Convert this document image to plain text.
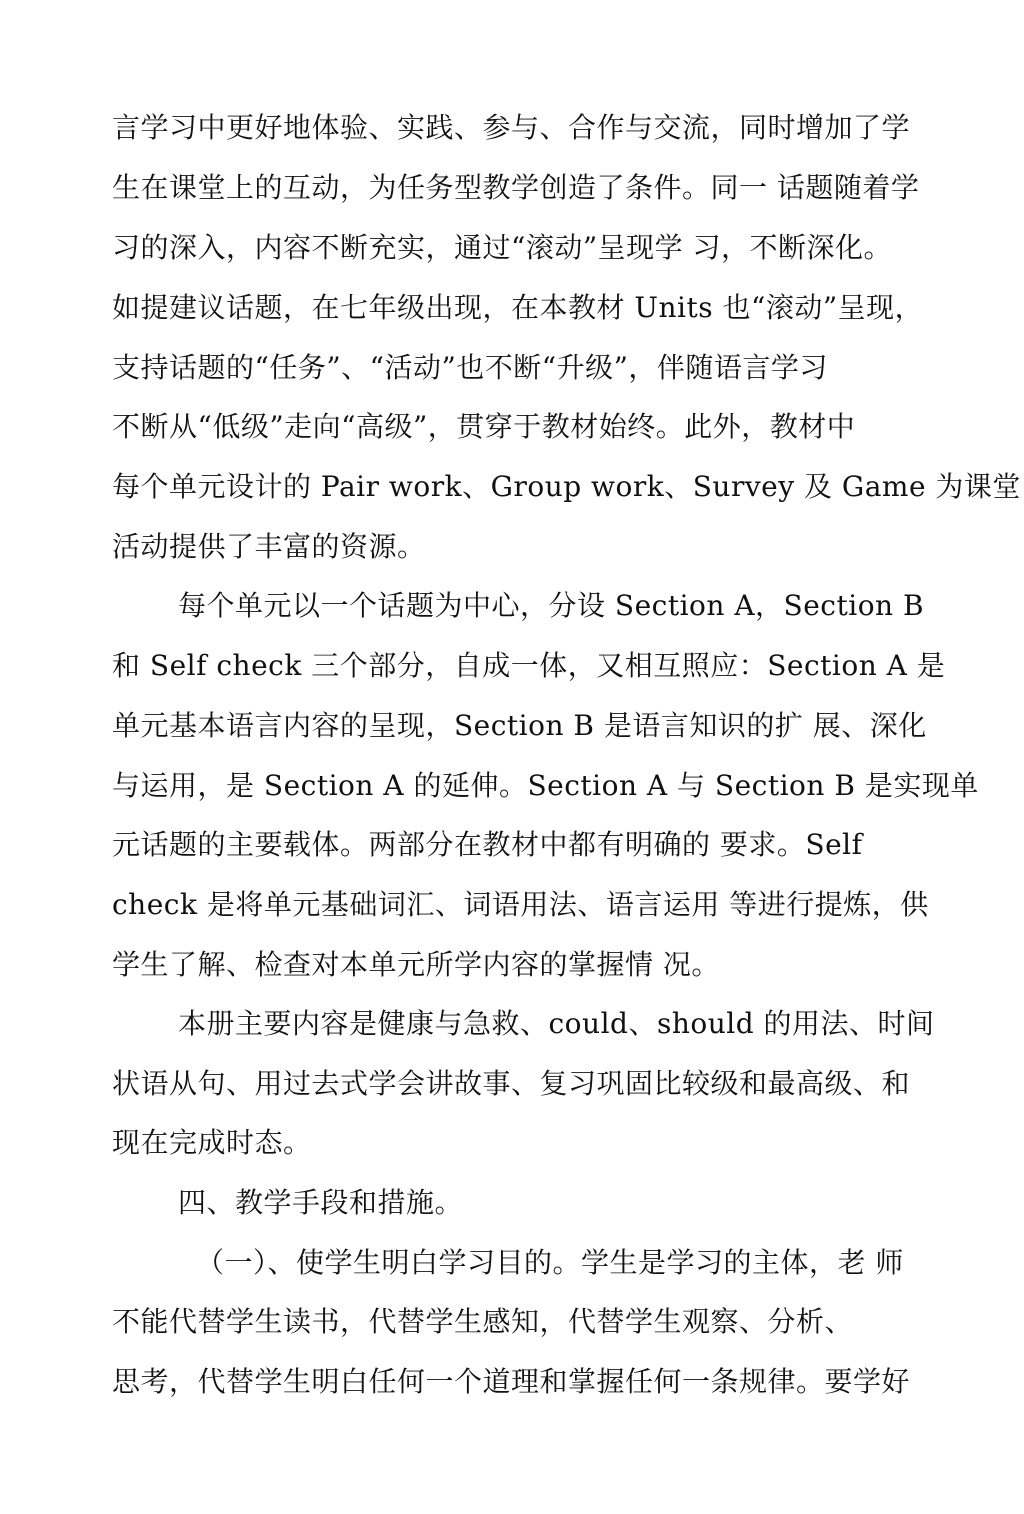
言学习中更好地体验、实践、参与、合作与交流，同时增加了学
生在课堂上的互动，为任务型教学创造了条件。同一 话题随着学
习的深入，内容不断充实，通过“滚动”呈现学 习，不断深化。
如提建议话题，在七年级出现，在本教材 Units 也“滚动”呈现，
支持话题的“任务”、“活动”也不断“升级”，伴随语言学习
不断从“低级”走向“高级”，贯穿于教材始终。此外，教材中
每个单元设计的 Pair work、Group work、Survey 及 Game 为课堂
活动提供了丰富的资源。
每个单元以一个话题为中心，分设 Section A，Section B
和 Self check 三个部分，自成一体，又相互照应：Section A 是
单元基本语言内容的呈现，Section B 是语言知识的扩 展、深化
与运用，是 Section A 的延伸。Section A 与 Section B 是实现单
元话题的主要载体。两部分在教材中都有明确的 要求。Self
check 是将单元基础词汇、词语用法、语言运用 等进行提炼，供
学生了解、检查对本单元所学内容的掌握情 况。
本册主要内容是健康与急救、could、should 的用法、时间
状语从句、用过去式学会讲故事、复习巩固比较级和最高级、和
现在完成时态。
四、教学手段和措施。
（一）、使学生明白学习目的。学生是学习的主体，老 师
不能代替学生读书，代替学生感知，代替学生观察、分析、
思考，代替学生明白任何一个道理和掌握任何一条规律。要学好
